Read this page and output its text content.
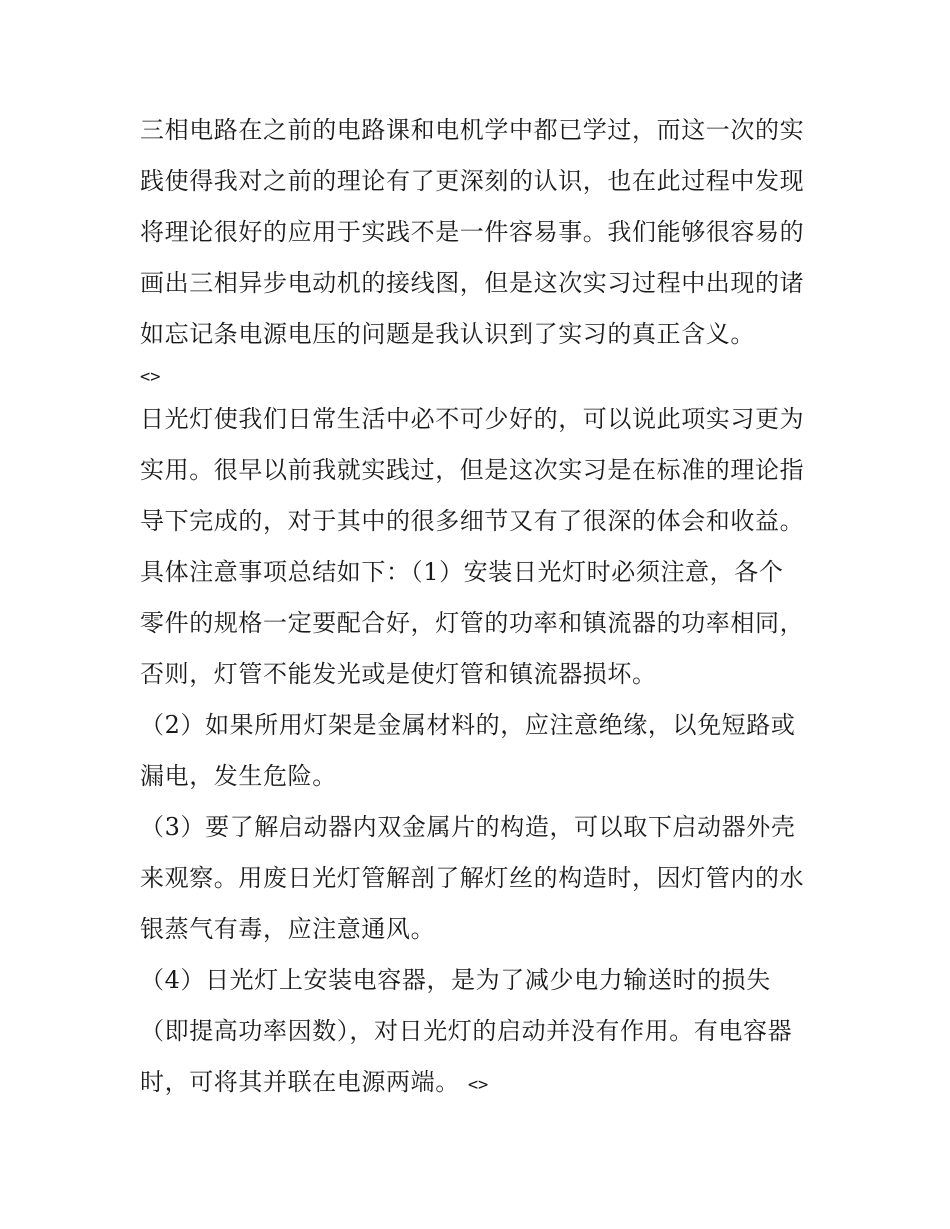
三相电路在之前的电路课和电机学中都已学过，而这一次的实
践使得我对之前的理论有了更深刻的认识，也在此过程中发现
将理论很好的应用于实践不是一件容易事。我们能够很容易的
画出三相异步电动机的接线图，但是这次实习过程中出现的诸
如忘记条电源电压的问题是我认识到了实习的真正含义。
<>
日光灯使我们日常生活中必不可少好的，可以说此项实习更为
实用。很早以前我就实践过，但是这次实习是在标准的理论指
导下完成的，对于其中的很多细节又有了很深的体会和收益。
具体注意事项总结如下：（1）安装日光灯时必须注意，各个
零件的规格一定要配合好，灯管的功率和镇流器的功率相同，
否则，灯管不能发光或是使灯管和镇流器损坏。
（2）如果所用灯架是金属材料的，应注意绝缘，以免短路或
漏电，发生危险。
（3）要了解启动器内双金属片的构造，可以取下启动器外壳
来观察。用废日光灯管解剖了解灯丝的构造时，因灯管内的水
银蒸气有毒，应注意通风。
（4）日光灯上安装电容器，是为了减少电力输送时的损失
（即提高功率因数），对日光灯的启动并没有作用。有电容器
时，可将其并联在电源两端。 <>
